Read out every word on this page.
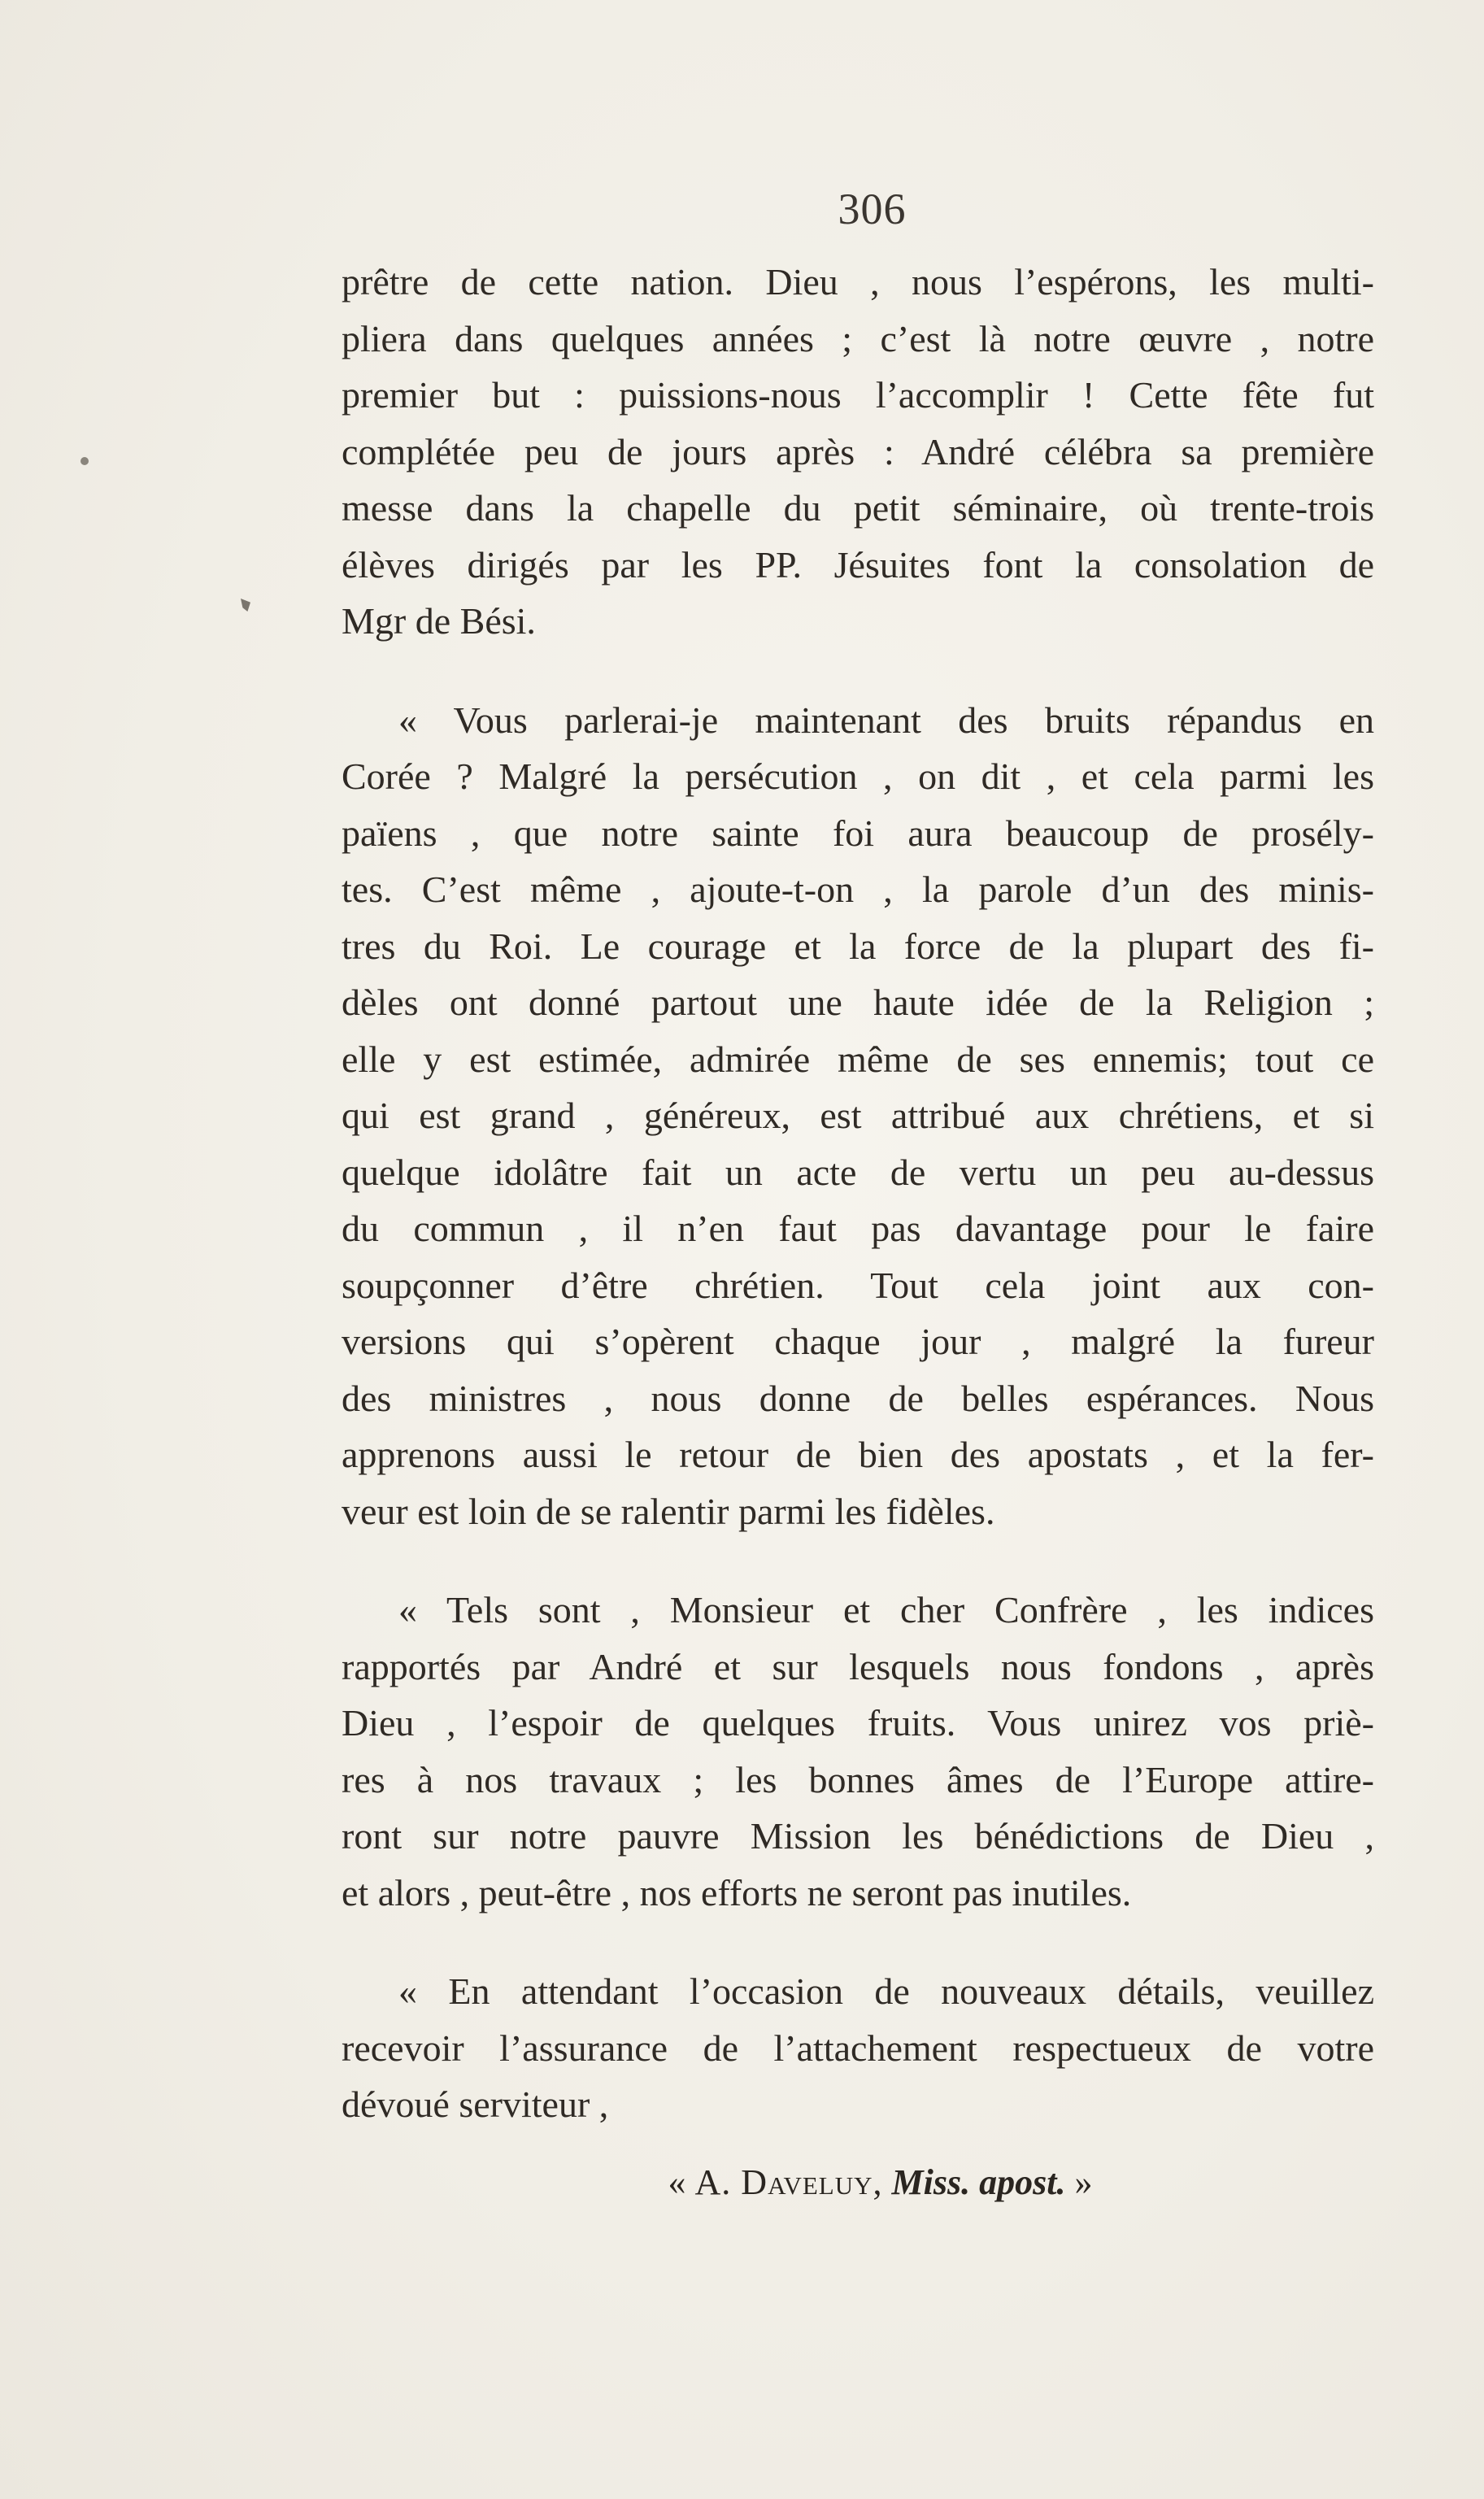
306
prêtre de cette nation. Dieu , nous l’espérons, les multi-
pliera dans quelques années ; c’est là notre œuvre , notre
premier but : puissions-nous l’accomplir ! Cette fête fut
complétée peu de jours après : André célébra sa première
messe dans la chapelle du petit séminaire, où trente-trois
élèves dirigés par les PP. Jésuites font la consolation de
Mgr de Bési.
« Vous parlerai-je maintenant des bruits répandus en
Corée ? Malgré la persécution , on dit , et cela parmi les
païens , que notre sainte foi aura beaucoup de prosély-
tes. C’est même , ajoute-t-on , la parole d’un des minis-
tres du Roi. Le courage et la force de la plupart des fi-
dèles ont donné partout une haute idée de la Religion ;
elle y est estimée, admirée même de ses ennemis; tout ce
qui est grand , généreux, est attribué aux chrétiens, et si
quelque idolâtre fait un acte de vertu un peu au-dessus
du commun , il n’en faut pas davantage pour le faire
soupçonner d’être chrétien. Tout cela joint aux con-
versions qui s’opèrent chaque jour , malgré la fureur
des ministres , nous donne de belles espérances. Nous
apprenons aussi le retour de bien des apostats , et la fer-
veur est loin de se ralentir parmi les fidèles.
« Tels sont , Monsieur et cher Confrère , les indices
rapportés par André et sur lesquels nous fondons , après
Dieu , l’espoir de quelques fruits. Vous unirez vos priè-
res à nos travaux ; les bonnes âmes de l’Europe attire-
ront sur notre pauvre Mission les bénédictions de Dieu ,
et alors , peut-être , nos efforts ne seront pas inutiles.
« En attendant l’occasion de nouveaux détails, veuillez
recevoir l’assurance de l’attachement respectueux de votre
dévoué serviteur ,
« A. Daveluy, Miss. apost. »
